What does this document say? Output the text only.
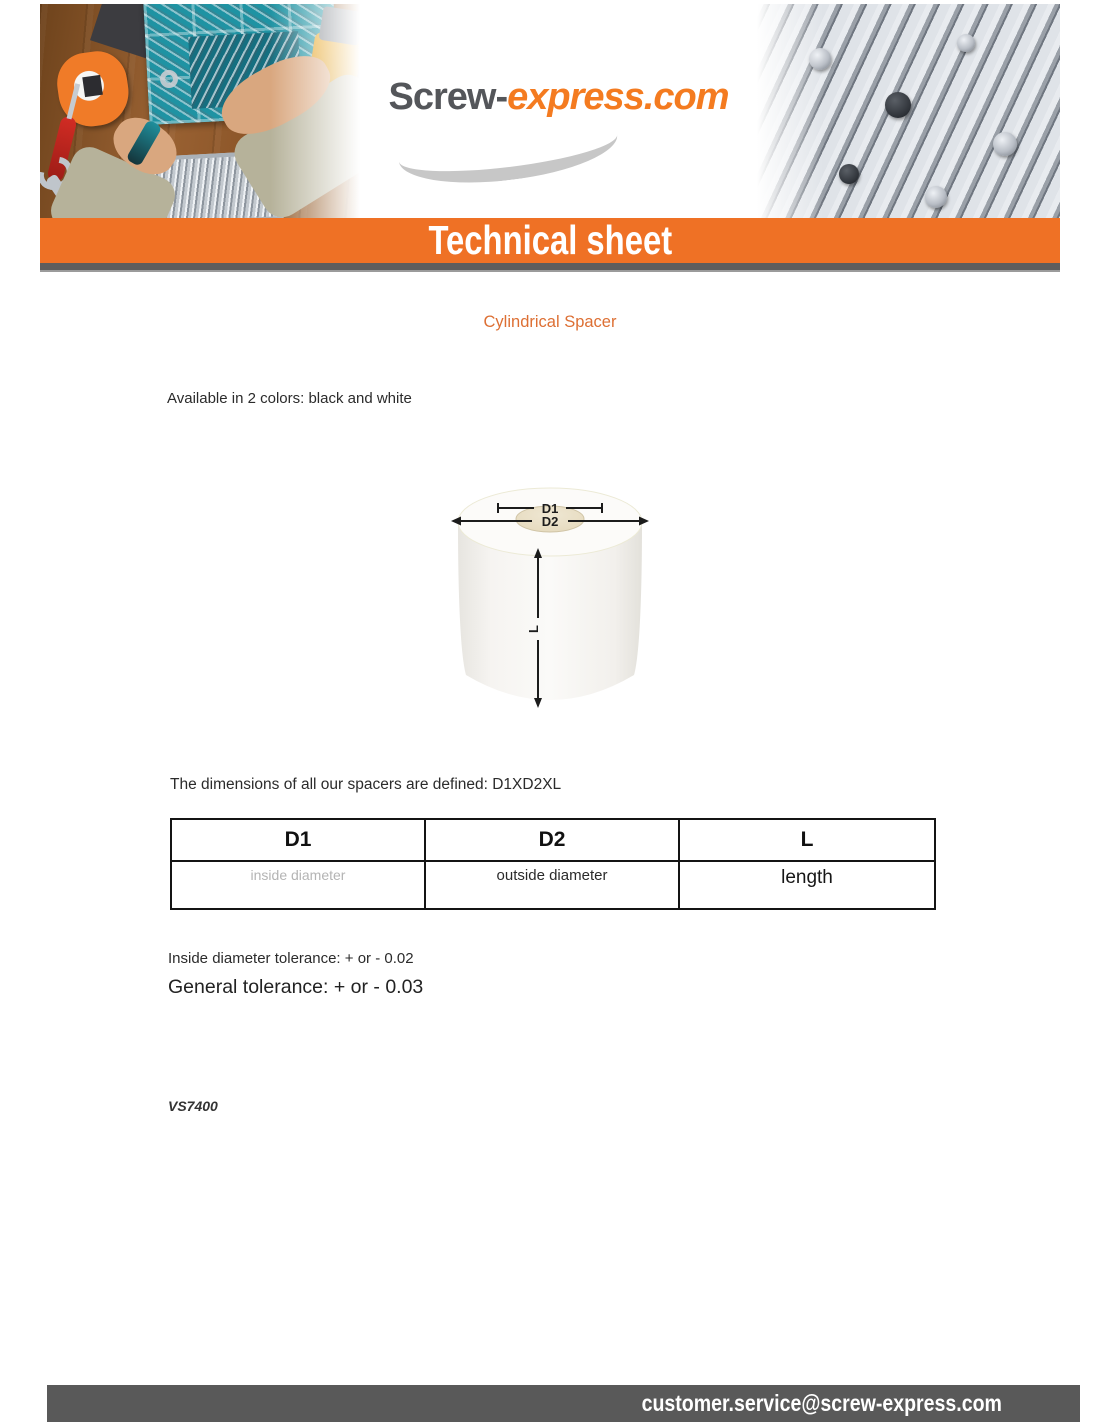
Screw-express.com
Technical sheet
Cylindrical Spacer
Available in 2 colors: black and white
D1
D2
L
The dimensions of all our spacers are defined: D1XD2XL
D1	D2	L
inside diameter	outside diameter	length
Inside diameter tolerance: + or - 0.02
General tolerance: + or - 0.03
VS7400
customer.service@screw-express.com
